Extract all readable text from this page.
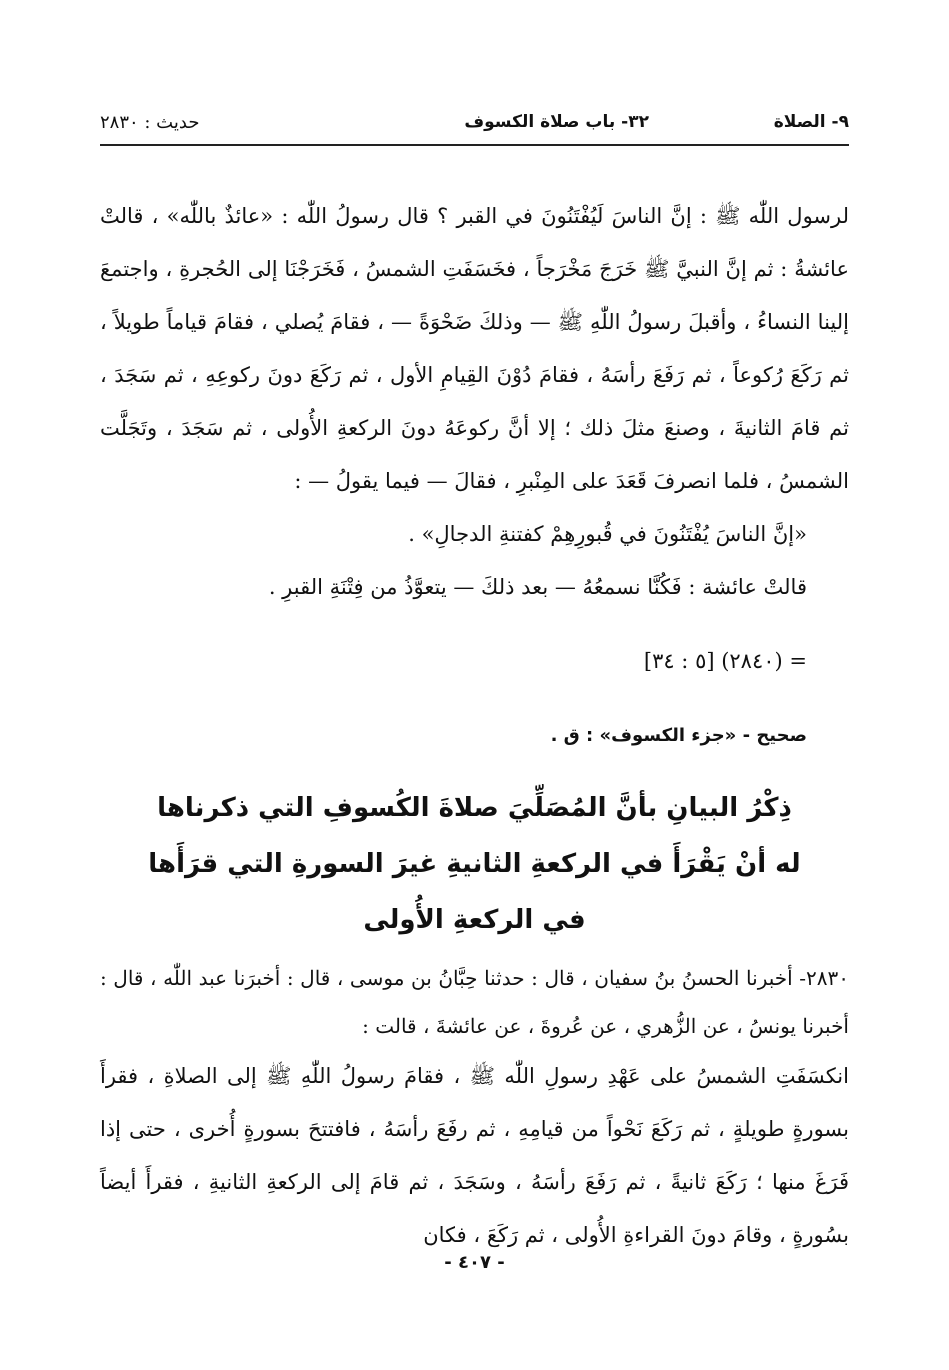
٩- الصلاة
٣٢- باب صلاة الكسوف
حديث : ٢٨٣٠

لرسول اللّٰه ﷺ : إنَّ الناسَ لَيُفْتَنُونَ في القبر ؟ قال رسولُ اللّٰه : «عائذٌ باللّٰه» ، قالتْ عائشةُ : ثم إنَّ النبيَّ ﷺ خَرَجَ مَخْرَجاً ، فخَسَفَتِ الشمسُ ، فَخَرَجْنَا إلى الحُجرةِ ، واجتمعَ إلينا النساءُ ، وأقبلَ رسولُ اللّٰهِ ﷺ — وذلكَ ضَحْوَةً — ، فقامَ يُصلي ، فقامَ قياماً طويلاً ، ثم رَكَعَ رُكوعاً ، ثم رَفَعَ رأسَهُ ، فقامَ دُوْنَ القِيامِ الأول ، ثم رَكَعَ دونَ ركوعِهِ ، ثم سَجَدَ ، ثم قامَ الثانيةَ ، وصنعَ مثلَ ذلك ؛ إلا أنَّ ركوعَهُ دونَ الركعةِ الأُولى ، ثم سَجَدَ ، وتَجَلَّت الشمسُ ، فلما انصرفَ قَعَدَ على المِنْبرِ ، فقالَ — فيما يقولُ — :

«إنَّ الناسَ يُفْتَنُونَ في قُبورِهِمْ كفتنةِ الدجالِ» .

قالتْ عائشة : فَكُنَّا نسمعُهُ — بعد ذلكَ — يتعوَّذُ من فِتْنَةِ القبرِ .

= (٢٨٤٠) [٥ : ٣٤]

صحيح - «جزء الكسوف» : ق .

ذِكْرُ البيانِ بأنَّ المُصَلِّيَ صلاةَ الكُسوفِ التي ذكرناها له أنْ يَقْرَأَ في الركعةِ الثانيةِ غيرَ السورةِ التي قرَأَها في الركعةِ الأُولى

٢٨٣٠- أخبرنا الحسنُ بنُ سفيان ، قال : حدثنا حِبَّانُ بن موسى ، قال : أخبرَنا عبد اللّٰه ، قال : أخبرنا يونسُ ، عن الزُّهري ، عن عُروةَ ، عن عائشةَ ، قالت :

انكسَفَتِ الشمسُ على عَهْدِ رسولِ اللّٰه ﷺ ، فقامَ رسولُ اللّٰهِ ﷺ إلى الصلاةِ ، فقرأَ بسورةٍ طويلةٍ ، ثم رَكَعَ نَحْواً من قيامِهِ ، ثم رفَعَ رأسَهُ ، فافتتحَ بسورةٍ أُخرى ، حتى إذا فَرَغَ منها ؛ رَكَعَ ثانيةً ، ثم رَفَعَ رأسَهُ ، وسَجَدَ ، ثم قامَ إلى الركعةِ الثانيةِ ، فقرأَ أيضاً بسُورةٍ ، وقامَ دونَ القراءةِ الأُولى ، ثم رَكَعَ ، فكان

- ٤٠٧ -
